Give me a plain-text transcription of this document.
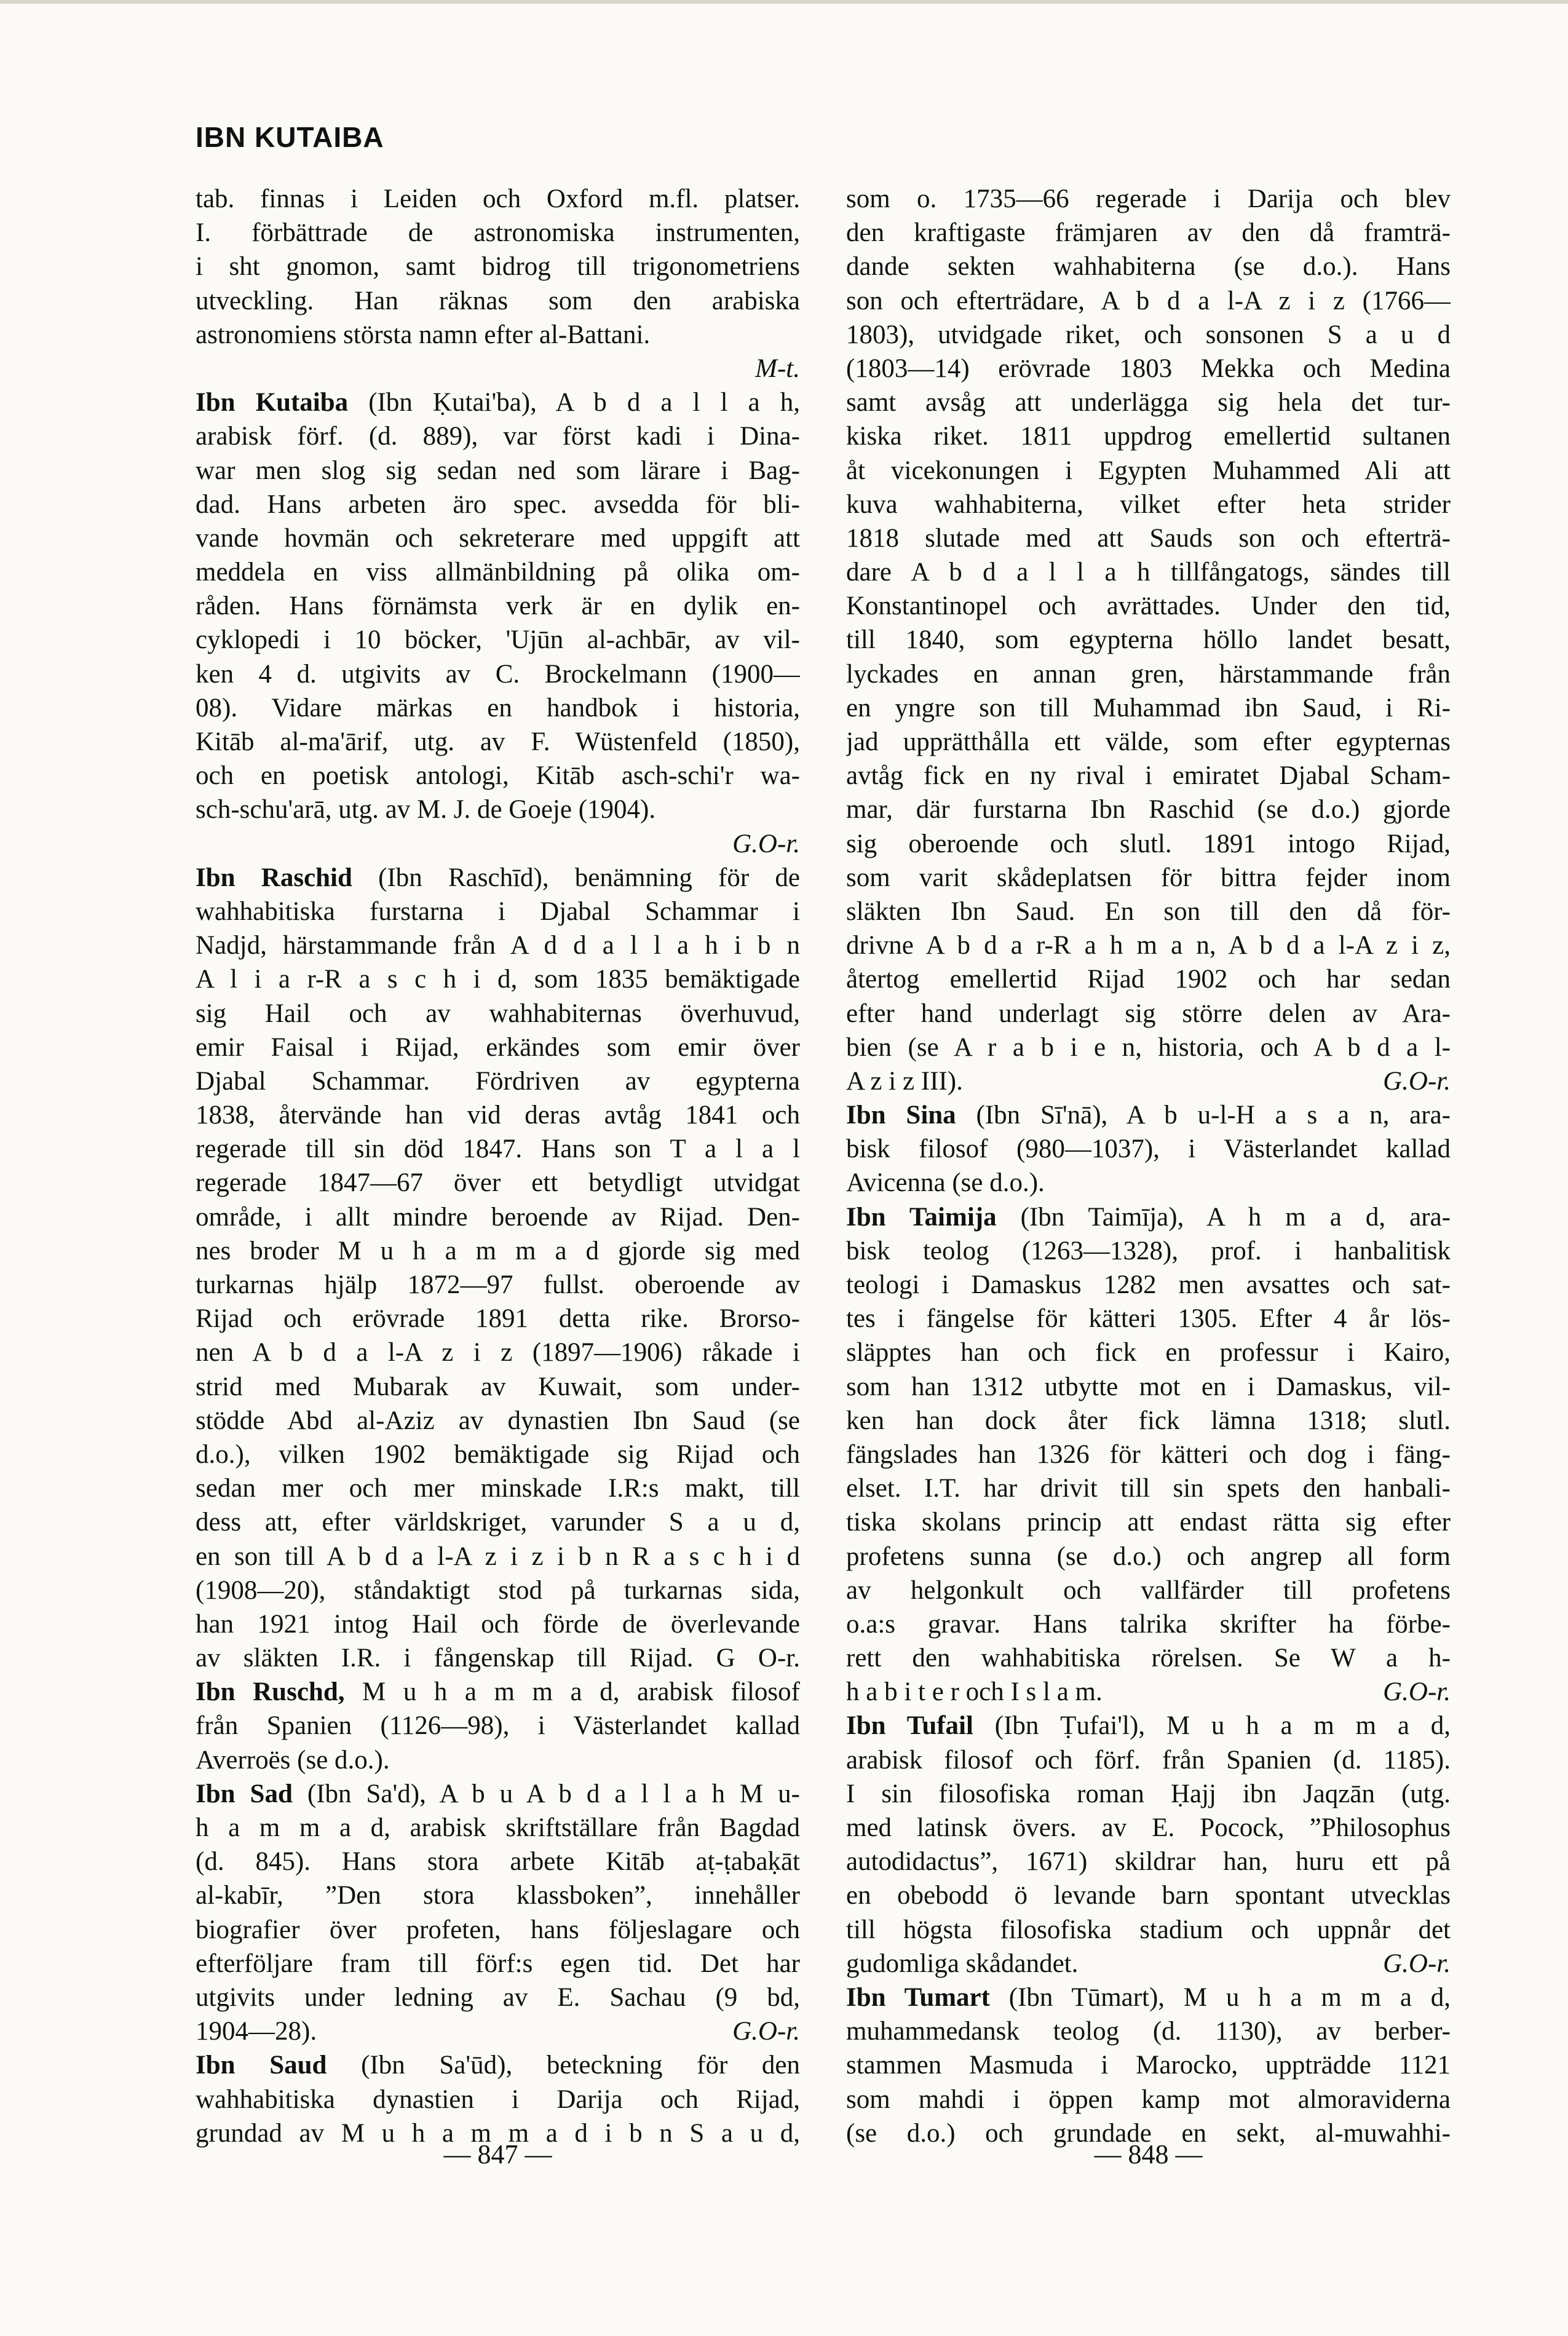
IBN KUTAIBA
tab. finnas i Leiden och Oxford m.fl. platser.
I. förbättrade de astronomiska instrumenten,
i sht gnomon, samt bidrog till trigonometriens
utveckling. Han räknas som den arabiska
astronomiens största namn efter al-Battani.
M-t.
Ibn Kutaiba (Ibn Ḳutai'ba), A b d a l l a h,
arabisk förf. (d. 889), var först kadi i Dina-
war men slog sig sedan ned som lärare i Bag-
dad. Hans arbeten äro spec. avsedda för bli-
vande hovmän och sekreterare med uppgift att
meddela en viss allmänbildning på olika om-
råden. Hans förnämsta verk är en dylik en-
cyklopedi i 10 böcker, 'Ujūn al-achbār, av vil-
ken 4 d. utgivits av C. Brockelmann (1900—
08). Vidare märkas en handbok i historia,
Kitāb al-ma'ārif, utg. av F. Wüstenfeld (1850),
och en poetisk antologi, Kitāb asch-schi'r wa-
sch-schu'arā, utg. av M. J. de Goeje (1904).
G.O-r.
Ibn Raschid (Ibn Raschīd), benämning för de
wahhabitiska furstarna i Djabal Schammar i
Nadjd, härstammande från A d d a l l a h i b n
A l i a r-R a s c h i d, som 1835 bemäktigade
sig Hail och av wahhabiternas överhuvud,
emir Faisal i Rijad, erkändes som emir över
Djabal Schammar. Fördriven av egypterna
1838, återvände han vid deras avtåg 1841 och
regerade till sin död 1847. Hans son T a l a l
regerade 1847—67 över ett betydligt utvidgat
område, i allt mindre beroende av Rijad. Den-
nes broder M u h a m m a d gjorde sig med
turkarnas hjälp 1872—97 fullst. oberoende av
Rijad och erövrade 1891 detta rike. Brorso-
nen A b d a l-A z i z (1897—1906) råkade i
strid med Mubarak av Kuwait, som under-
stödde Abd al-Aziz av dynastien Ibn Saud (se
d.o.), vilken 1902 bemäktigade sig Rijad och
sedan mer och mer minskade I.R:s makt, till
dess att, efter världskriget, varunder S a u d,
en son till A b d a l-A z i z i b n R a s c h i d
(1908—20), ståndaktigt stod på turkarnas sida,
han 1921 intog Hail och förde de överlevande
av släkten I.R. i fångenskap till Rijad. G O-r.
Ibn Ruschd, M u h a m m a d, arabisk filosof
från Spanien (1126—98), i Västerlandet kallad
Averroës (se d.o.).
Ibn Sad (Ibn Sa'd), A b u A b d a l l a h M u-
h a m m a d, arabisk skriftställare från Bagdad
(d. 845). Hans stora arbete Kitāb aṭ-ṭabaḳāt
al-kabīr, ”Den stora klassboken”, innehåller
biografier över profeten, hans följeslagare och
efterföljare fram till förf:s egen tid. Det har
utgivits under ledning av E. Sachau (9 bd,
1904—28).	G.O-r.
Ibn Saud (Ibn Sa'ūd), beteckning för den
wahhabitiska dynastien i Darija och Rijad,
grundad av M u h a m m a d i b n S a u d,
som o. 1735—66 regerade i Darija och blev
den kraftigaste främjaren av den då framträ-
dande sekten wahhabiterna (se d.o.). Hans
son och efterträdare, A b d a l-A z i z (1766—
1803), utvidgade riket, och sonsonen S a u d
(1803—14) erövrade 1803 Mekka och Medina
samt avsåg att underlägga sig hela det tur-
kiska riket. 1811 uppdrog emellertid sultanen
åt vicekonungen i Egypten Muhammed Ali att
kuva wahhabiterna, vilket efter heta strider
1818 slutade med att Sauds son och efterträ-
dare A b d a l l a h tillfångatogs, sändes till
Konstantinopel och avrättades. Under den tid,
till 1840, som egypterna höllo landet besatt,
lyckades en annan gren, härstammande från
en yngre son till Muhammad ibn Saud, i Ri-
jad upprätthålla ett välde, som efter egypternas
avtåg fick en ny rival i emiratet Djabal Scham-
mar, där furstarna Ibn Raschid (se d.o.) gjorde
sig oberoende och slutl. 1891 intogo Rijad,
som varit skådeplatsen för bittra fejder inom
släkten Ibn Saud. En son till den då för-
drivne A b d a r-R a h m a n, A b d a l-A z i z,
återtog emellertid Rijad 1902 och har sedan
efter hand underlagt sig större delen av Ara-
bien (se A r a b i e n, historia, och A b d a l-
A z i z III).	G.O-r.
Ibn Sina (Ibn Sī'nā), A b u-l-H a s a n, ara-
bisk filosof (980—1037), i Västerlandet kallad
Avicenna (se d.o.).
Ibn Taimija (Ibn Taimīja), A h m a d, ara-
bisk teolog (1263—1328), prof. i hanbalitisk
teologi i Damaskus 1282 men avsattes och sat-
tes i fängelse för kätteri 1305. Efter 4 år lös-
släpptes han och fick en professur i Kairo,
som han 1312 utbytte mot en i Damaskus, vil-
ken han dock åter fick lämna 1318; slutl.
fängslades han 1326 för kätteri och dog i fäng-
elset. I.T. har drivit till sin spets den hanbali-
tiska skolans princip att endast rätta sig efter
profetens sunna (se d.o.) och angrep all form
av helgonkult och vallfärder till profetens
o.a:s gravar. Hans talrika skrifter ha förbe-
rett den wahhabitiska rörelsen. Se W a h-
h a b i t e r och I s l a m.	G.O-r.
Ibn Tufail (Ibn Ṭufai'l), M u h a m m a d,
arabisk filosof och förf. från Spanien (d. 1185).
I sin filosofiska roman Ḥajj ibn Jaqzān (utg.
med latinsk övers. av E. Pocock, ”Philosophus
autodidactus”, 1671) skildrar han, huru ett på
en obebodd ö levande barn spontant utvecklas
till högsta filosofiska stadium och uppnår det
gudomliga skådandet.	G.O-r.
Ibn Tumart (Ibn Tūmart), M u h a m m a d,
muhammedansk teolog (d. 1130), av berber-
stammen Masmuda i Marocko, uppträdde 1121
som mahdi i öppen kamp mot almoraviderna
(se d.o.) och grundade en sekt, al-muwahhi-
— 847 —	— 848 —
